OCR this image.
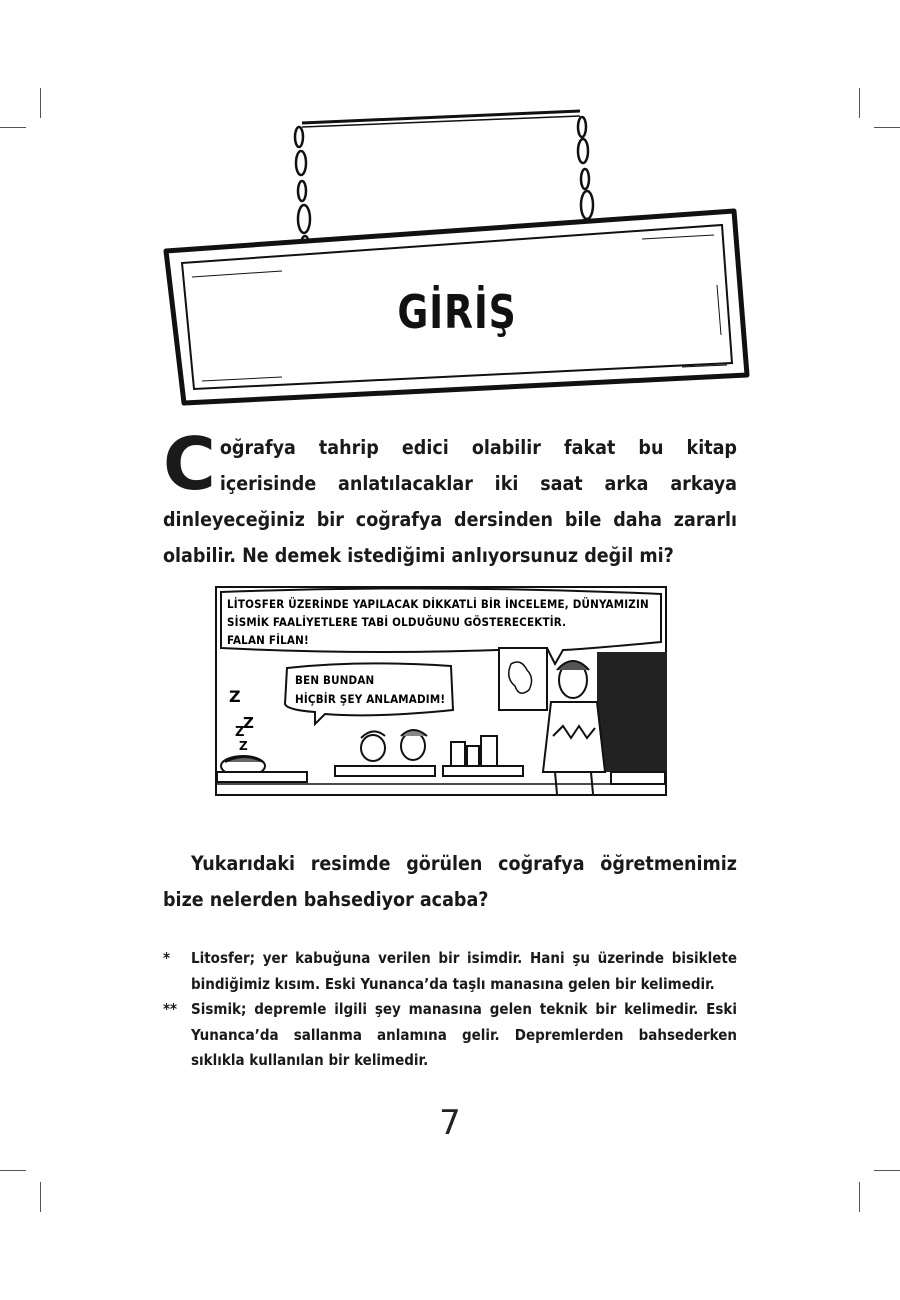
GİRİŞ
Coğrafya tahrip edici olabilir fakat bu kitap içerisinde anlatılacaklar iki saat arka arkaya dinleyeceğiniz bir coğrafya dersinden bile daha zararlı olabilir. Ne demek istediğimi anlıyorsunuz değil mi?
LİTOSFER ÜZERİNDE YAPILACAK DİKKATLİ BİR İNCELEME, DÜNYAMIZIN
SİSMİK FAALİYETLERE TABİ OLDUĞUNU GÖSTERECEKTİR.
FALAN FİLAN!
BEN BUNDAN
HİÇBİR ŞEY ANLAMADIM!
Z
Z
Z
Z
Yukarıdaki resimde görülen coğrafya öğretmenimiz bize nelerden bahsediyor acaba?
* Litosfer; yer kabuğuna verilen bir isimdir. Hani şu üzerinde bisiklete bindiğimiz kısım. Eski Yunanca’da taşlı manasına gelen bir kelimedir.
** Sismik; depremle ilgili şey manasına gelen teknik bir kelimedir. Eski Yunanca’da sallanma anlamına gelir. Depremlerden bahsederken sıklıkla kullanılan bir kelimedir.
7
